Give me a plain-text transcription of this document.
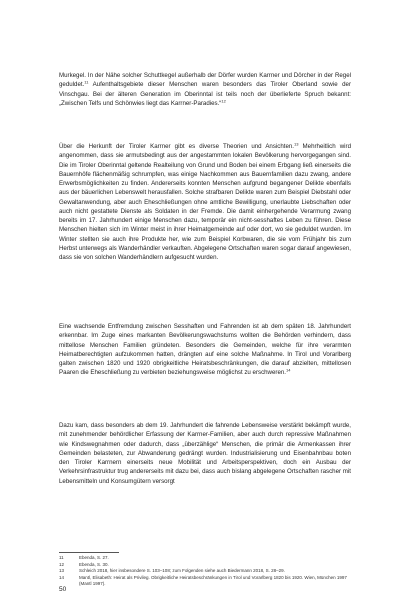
Murkegel. In der Nähe solcher Schuttkegel außerhalb der Dörfer wurden Karrner und Dörcher in der Regel geduldet.$^{11}$ Aufenthaltsgebiete dieser Menschen waren besonders das Tiroler Oberland sowie der Vinschgau. Bei der älteren Generation im Oberinntal ist teils noch der überlieferte Spruch bekannt: „Zwischen Telfs und Schönwies liegt das Karrner-Paradies.“$^{12}$

Über die Herkunft der Tiroler Karrner gibt es diverse Theorien und Ansichten.$^{13}$ Mehrheitlich wird angenommen, dass sie armutsbedingt aus der angestammten lokalen Bevölkerung hervorgegangen sind. Die im Tiroler Oberinntal geltende Realteilung von Grund und Boden bei einem Erbgang ließ einerseits die Bauernhöfe flächenmäßig schrumpfen, was einige Nachkommen aus Bauernfamilien dazu zwang, andere Erwerbsmöglichkeiten zu finden. Andererseits konnten Menschen aufgrund begangener Delikte ebenfalls aus der bäuerlichen Lebenswelt herausfallen. Solche strafbaren Delikte waren zum Beispiel Diebstahl oder Gewaltanwendung, aber auch Eheschließungen ohne amtliche Bewilligung, unerlaubte Liebschaften oder auch nicht gestattete Dienste als Soldaten in der Fremde. Die damit einhergehende Verarmung zwang bereits im 17. Jahrhundert einige Menschen dazu, temporär ein nicht-sesshaftes Leben zu führen. Diese Menschen hielten sich im Winter meist in ihrer Heimatgemeinde auf oder dort, wo sie geduldet wurden. Im Winter stellten sie auch ihre Produkte her, wie zum Beispiel Korbwaren, die sie vom Frühjahr bis zum Herbst unterwegs als Wanderhändler verkauften. Abgelegene Ortschaften waren sogar darauf angewiesen, dass sie von solchen Wanderhändlern aufgesucht wurden.

Eine wachsende Entfremdung zwischen Sesshaften und Fahrenden ist ab dem späten 18. Jahrhundert erkennbar. Im Zuge eines markanten Bevölkerungswachstums wollten die Behörden verhindern, dass mittellose Menschen Familien gründeten. Besonders die Gemeinden, welche für ihre verarmten Heimatberechtigten aufzukommen hatten, drängten auf eine solche Maßnahme. In Tirol und Vorarlberg galten zwischen 1820 und 1920 obrigkeitliche Heiratsbeschränkungen, die darauf abzielten, mittellosen Paaren die Eheschließung zu verbieten beziehungsweise möglichst zu erschweren.$^{14}$

Dazu kam, dass besonders ab dem 19. Jahrhundert die fahrende Lebensweise verstärkt bekämpft wurde, mit zunehmender behördlicher Erfassung der Karrner-Familien, aber auch durch repressive Maßnahmen wie Kindswegnahmen oder dadurch, dass „überzählige“ Menschen, die primär die Armenkassen ihrer Gemeinden belasteten, zur Abwanderung gedrängt wurden. Industrialisierung und Eisenbahnbau boten den Tiroler Karrnern einerseits neue Mobilität und Arbeitsperspektiven, doch ein Ausbau der Verkehrsinfrastruktur trug andererseits mit dazu bei, dass auch bislang abgelegene Ortschaften rascher mit Lebensmitteln und Konsumgütern versorgt

11	Ebenda, S. 27.
12	Ebenda, S. 30.
13	Schleich 2018, hier insbesondere S. 103–108; zum Folgenden siehe auch Biedermann 2018, S. 28–29.
14	Mantl, Elisabeth: Heirat als Privileg. Obrigkeitliche Heiratsbeschränkungen in Tirol und Vorarlberg 1820 bis 1920. Wien, München 1997 (Mantl 1997).
50
